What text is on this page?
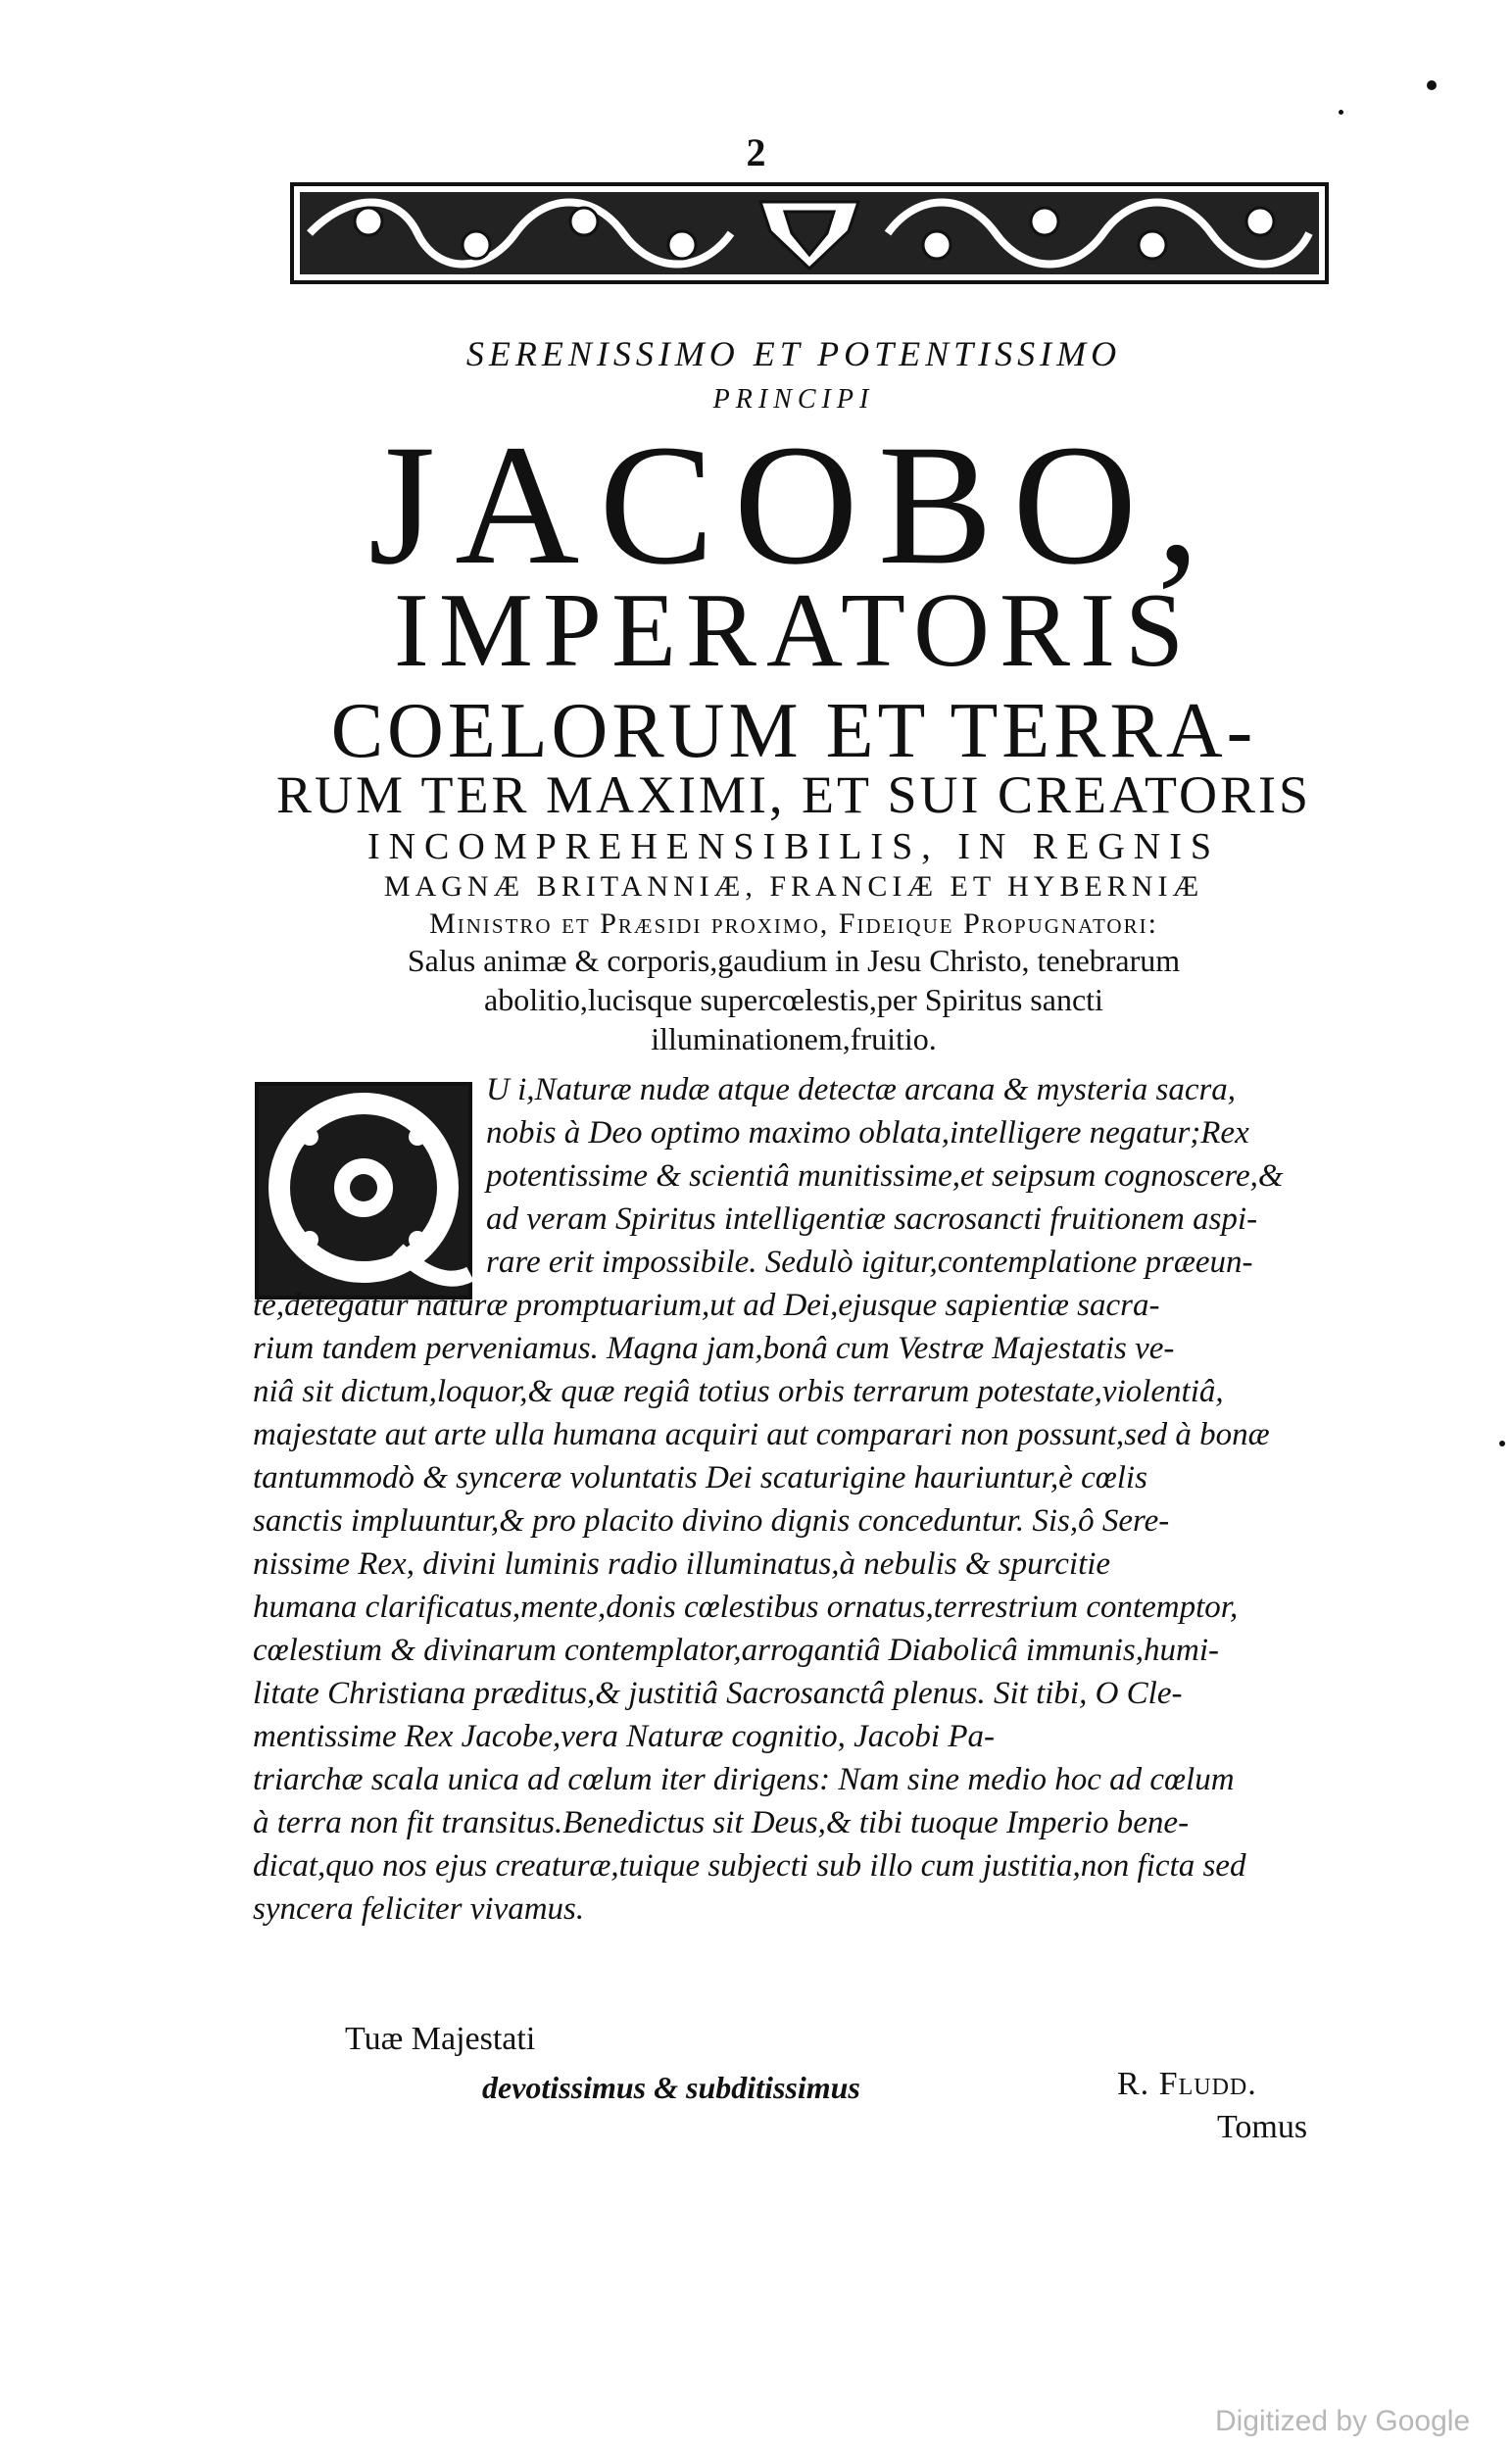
2
SERENISSIMO ET POTENTISSIMO
PRINCIPI
JACOBO,
IMPERATORIS
COELORUM ET TERRA-
RUM TER MAXIMI, ET SUI CREATORIS
INCOMPREHENSIBILIS, IN REGNIS
MAGNÆ BRITANNIÆ, FRANCIÆ ET HYBERNIÆ
Ministro et Præsidi proximo, Fideique Propugnatori:
Salus animæ & corporis,gaudium in Jesu Christo, tenebrarum
abolitio,lucisque supercœlestis,per Spiritus sancti
illuminationem,fruitio.
U i,Naturæ nudæ atque detectæ arcana & mysteria sacra,
nobis à Deo optimo maximo oblata,intelligere negatur;Rex
potentissime & scientiâ munitissime,et seipsum cognoscere,&
ad veram Spiritus intelligentiæ sacrosancti fruitionem aspi-
rare erit impossibile. Sedulò igitur,contemplatione præeun-
te,detegatur naturæ promptuarium,ut ad Dei,ejusque sapientiæ sacra-
rium tandem perveniamus. Magna jam,bonâ cum Vestræ Majestatis ve-
niâ sit dictum,loquor,& quæ regiâ totius orbis terrarum potestate,violentiâ,
majestate aut arte ulla humana acquiri aut comparari non possunt,sed à bonæ
tantummodò & synceræ voluntatis Dei scaturigine hauriuntur,è cœlis
sanctis impluuntur,& pro placito divino dignis conceduntur. Sis,ô Sere-
nissime Rex, divini luminis radio illuminatus,à nebulis & spurcitie
humana clarificatus,mente,donis cœlestibus ornatus,terrestrium contemptor,
cœlestium & divinarum contemplator,arrogantiâ Diabolicâ immunis,humi-
litate Christiana præditus,& justitiâ Sacrosanctâ plenus. Sit tibi, O Cle-
mentissime Rex Jacobe,vera Naturæ cognitio, Jacobi Pa-
triarchæ scala unica ad cœlum iter dirigens: Nam sine medio hoc ad cœlum
à terra non fit transitus.Benedictus sit Deus,& tibi tuoque Imperio bene-
dicat,quo nos ejus creaturæ,tuique subjecti sub illo cum justitia,non ficta sed
syncera feliciter vivamus.
Tuæ Majestati
devotissimus & subditissimus	R. Fludd.
Tomus
Digitized by Google
